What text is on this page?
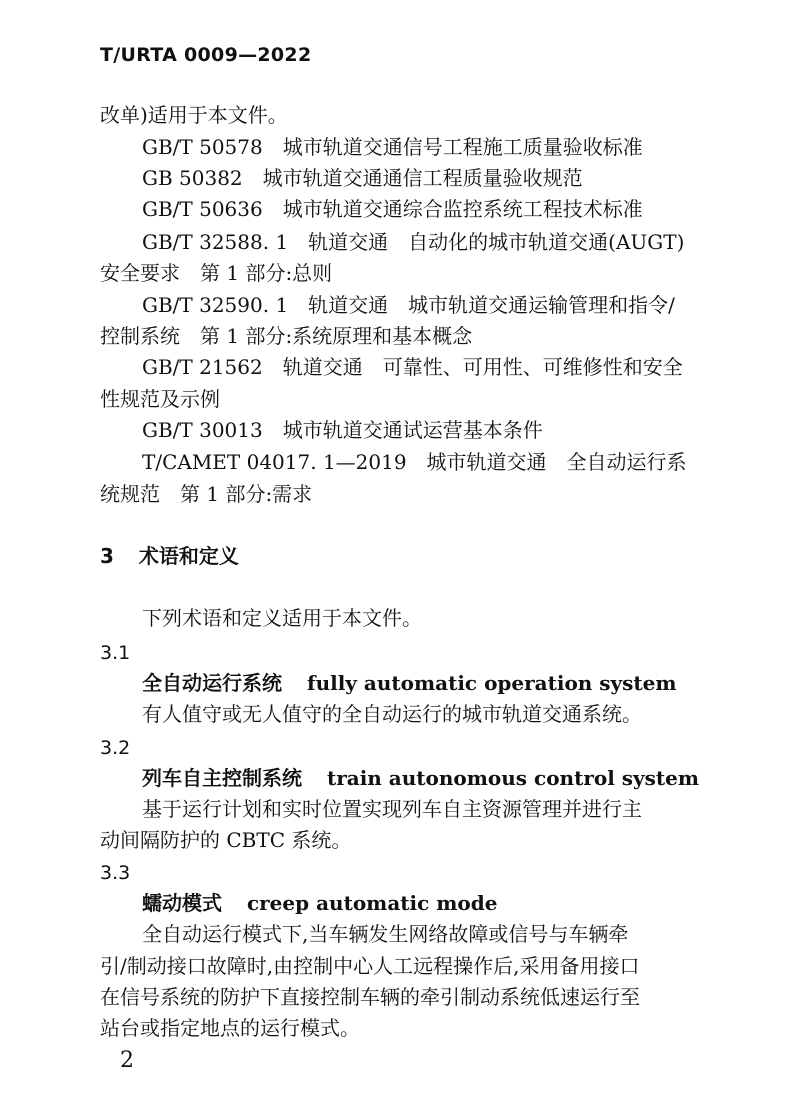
T/URTA 0009—2022
改单)适用于本文件。
GB/T 50578　城市轨道交通信号工程施工质量验收标准
GB 50382　城市轨道交通通信工程质量验收规范
GB/T 50636　城市轨道交通综合监控系统工程技术标准
GB/T 32588. 1　轨道交通　自动化的城市轨道交通(AUGT)
安全要求　第 1 部分:总则
GB/T 32590. 1　轨道交通　城市轨道交通运输管理和指令/
控制系统　第 1 部分:系统原理和基本概念
GB/T 21562　轨道交通　可靠性、可用性、可维修性和安全
性规范及示例
GB/T 30013　城市轨道交通试运营基本条件
T/CAMET 04017. 1—2019　城市轨道交通　全自动运行系
统规范　第 1 部分:需求
3 术语和定义
下列术语和定义适用于本文件。
3.1
全自动运行系统 fully automatic operation system
有人值守或无人值守的全自动运行的城市轨道交通系统。
3.2
列车自主控制系统 train autonomous control system
基于运行计划和实时位置实现列车自主资源管理并进行主
动间隔防护的 CBTC 系统。
3.3
蠕动模式 creep automatic mode
全自动运行模式下,当车辆发生网络故障或信号与车辆牵
引/制动接口故障时,由控制中心人工远程操作后,采用备用接口
在信号系统的防护下直接控制车辆的牵引制动系统低速运行至
站台或指定地点的运行模式。
2
